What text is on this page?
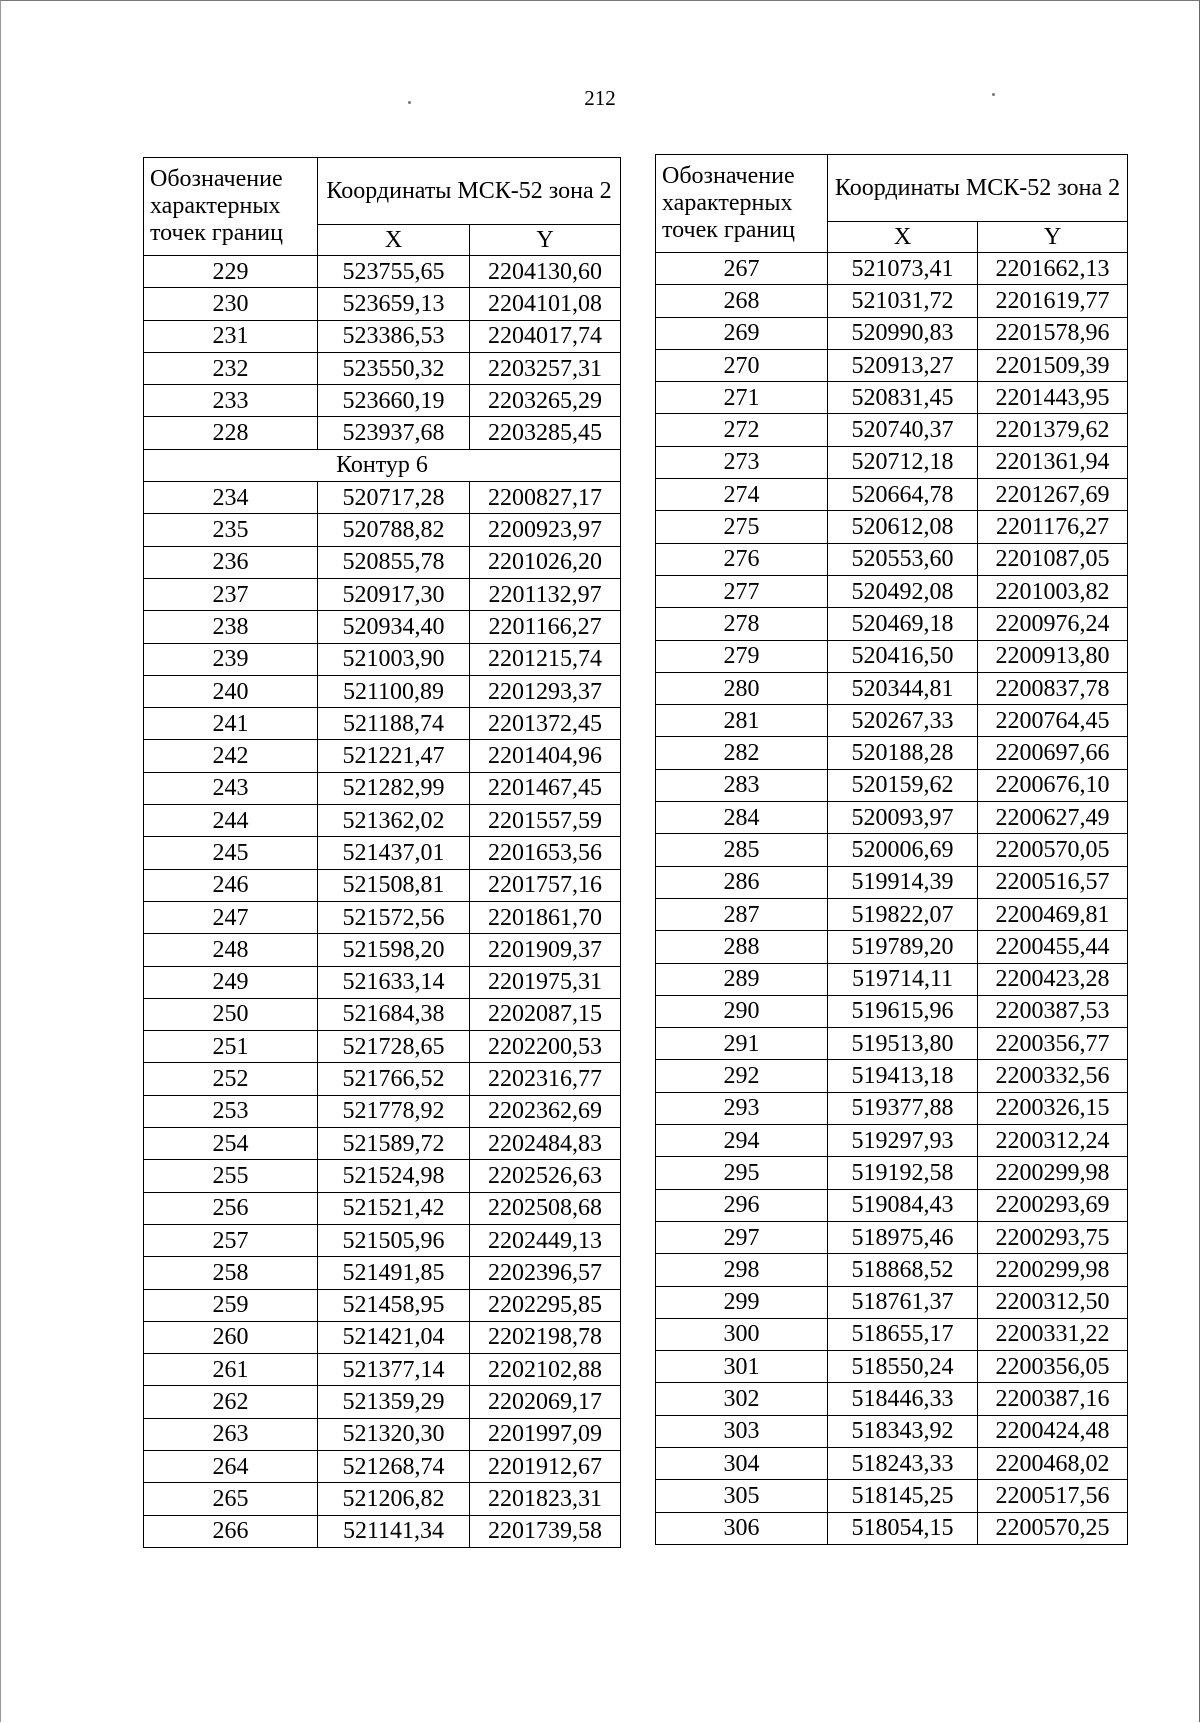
212
Обозначение характерных точек границ	Координаты МСК-52 зона 2	
	X	Y
229	523755,65	2204130,60
230	523659,13	2204101,08
231	523386,53	2204017,74
232	523550,32	2203257,31
233	523660,19	2203265,29
228	523937,68	2203285,45
Контур 6		
234	520717,28	2200827,17
235	520788,82	2200923,97
236	520855,78	2201026,20
237	520917,30	2201132,97
238	520934,40	2201166,27
239	521003,90	2201215,74
240	521100,89	2201293,37
241	521188,74	2201372,45
242	521221,47	2201404,96
243	521282,99	2201467,45
244	521362,02	2201557,59
245	521437,01	2201653,56
246	521508,81	2201757,16
247	521572,56	2201861,70
248	521598,20	2201909,37
249	521633,14	2201975,31
250	521684,38	2202087,15
251	521728,65	2202200,53
252	521766,52	2202316,77
253	521778,92	2202362,69
254	521589,72	2202484,83
255	521524,98	2202526,63
256	521521,42	2202508,68
257	521505,96	2202449,13
258	521491,85	2202396,57
259	521458,95	2202295,85
260	521421,04	2202198,78
261	521377,14	2202102,88
262	521359,29	2202069,17
263	521320,30	2201997,09
264	521268,74	2201912,67
265	521206,82	2201823,31
266	521141,34	2201739,58
Обозначение характерных точек границ	Координаты МСК-52 зона 2	
	X	Y
267	521073,41	2201662,13
268	521031,72	2201619,77
269	520990,83	2201578,96
270	520913,27	2201509,39
271	520831,45	2201443,95
272	520740,37	2201379,62
273	520712,18	2201361,94
274	520664,78	2201267,69
275	520612,08	2201176,27
276	520553,60	2201087,05
277	520492,08	2201003,82
278	520469,18	2200976,24
279	520416,50	2200913,80
280	520344,81	2200837,78
281	520267,33	2200764,45
282	520188,28	2200697,66
283	520159,62	2200676,10
284	520093,97	2200627,49
285	520006,69	2200570,05
286	519914,39	2200516,57
287	519822,07	2200469,81
288	519789,20	2200455,44
289	519714,11	2200423,28
290	519615,96	2200387,53
291	519513,80	2200356,77
292	519413,18	2200332,56
293	519377,88	2200326,15
294	519297,93	2200312,24
295	519192,58	2200299,98
296	519084,43	2200293,69
297	518975,46	2200293,75
298	518868,52	2200299,98
299	518761,37	2200312,50
300	518655,17	2200331,22
301	518550,24	2200356,05
302	518446,33	2200387,16
303	518343,92	2200424,48
304	518243,33	2200468,02
305	518145,25	2200517,56
306	518054,15	2200570,25
